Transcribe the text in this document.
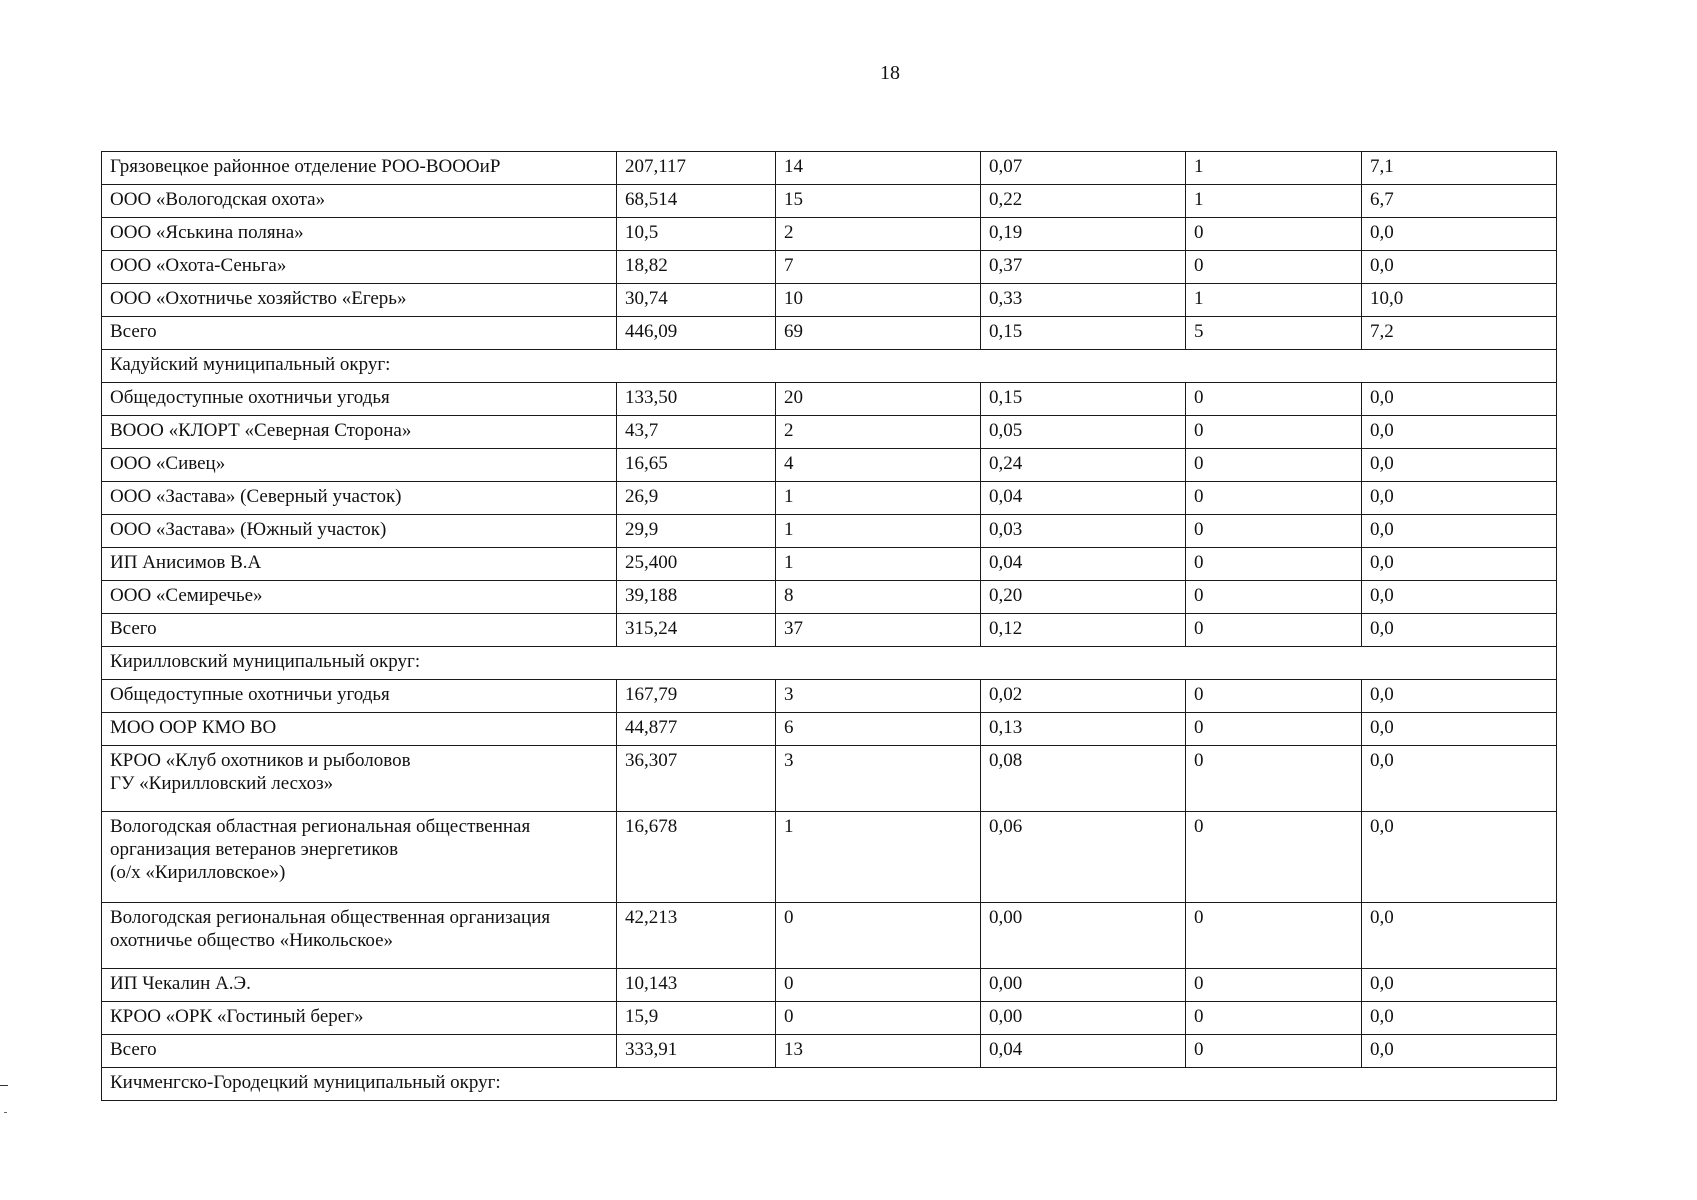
18
Грязовецкое районное отделение РОО-ВОООиР	207,117	14	0,07	1	7,1
ООО «Вологодская охота»	68,514	15	0,22	1	6,7
ООО «Яськина поляна»	10,5	2	0,19	0	0,0
ООО «Охота-Сеньга»	18,82	7	0,37	0	0,0
ООО «Охотничье хозяйство «Егерь»	30,74	10	0,33	1	10,0
Всего	446,09	69	0,15	5	7,2
Кадуйский муниципальный округ:					
Общедоступные охотничьи угодья	133,50	20	0,15	0	0,0
ВООО «КЛОРТ «Северная Сторона»	43,7	2	0,05	0	0,0
ООО «Сивец»	16,65	4	0,24	0	0,0
ООО «Застава» (Северный участок)	26,9	1	0,04	0	0,0
ООО «Застава» (Южный участок)	29,9	1	0,03	0	0,0
ИП Анисимов В.А	25,400	1	0,04	0	0,0
ООО «Семиречье»	39,188	8	0,20	0	0,0
Всего	315,24	37	0,12	0	0,0
Кирилловский муниципальный округ:					
Общедоступные охотничьи угодья	167,79	3	0,02	0	0,0
МОО ООР КМО ВО	44,877	6	0,13	0	0,0
КРОО «Клуб охотников и рыболовов
ГУ «Кирилловский лесхоз»	36,307	3	0,08	0	0,0
Вологодская областная региональная общественная организация ветеранов энергетиков
(о/х «Кирилловское»)	16,678	1	0,06	0	0,0
Вологодская региональная общественная организация охотничье общество «Никольское»	42,213	0	0,00	0	0,0
ИП Чекалин А.Э.	10,143	0	0,00	0	0,0
КРОО «ОРК «Гостиный берег»	15,9	0	0,00	0	0,0
Всего	333,91	13	0,04	0	0,0
Кичменгско-Городецкий муниципальный округ:					
